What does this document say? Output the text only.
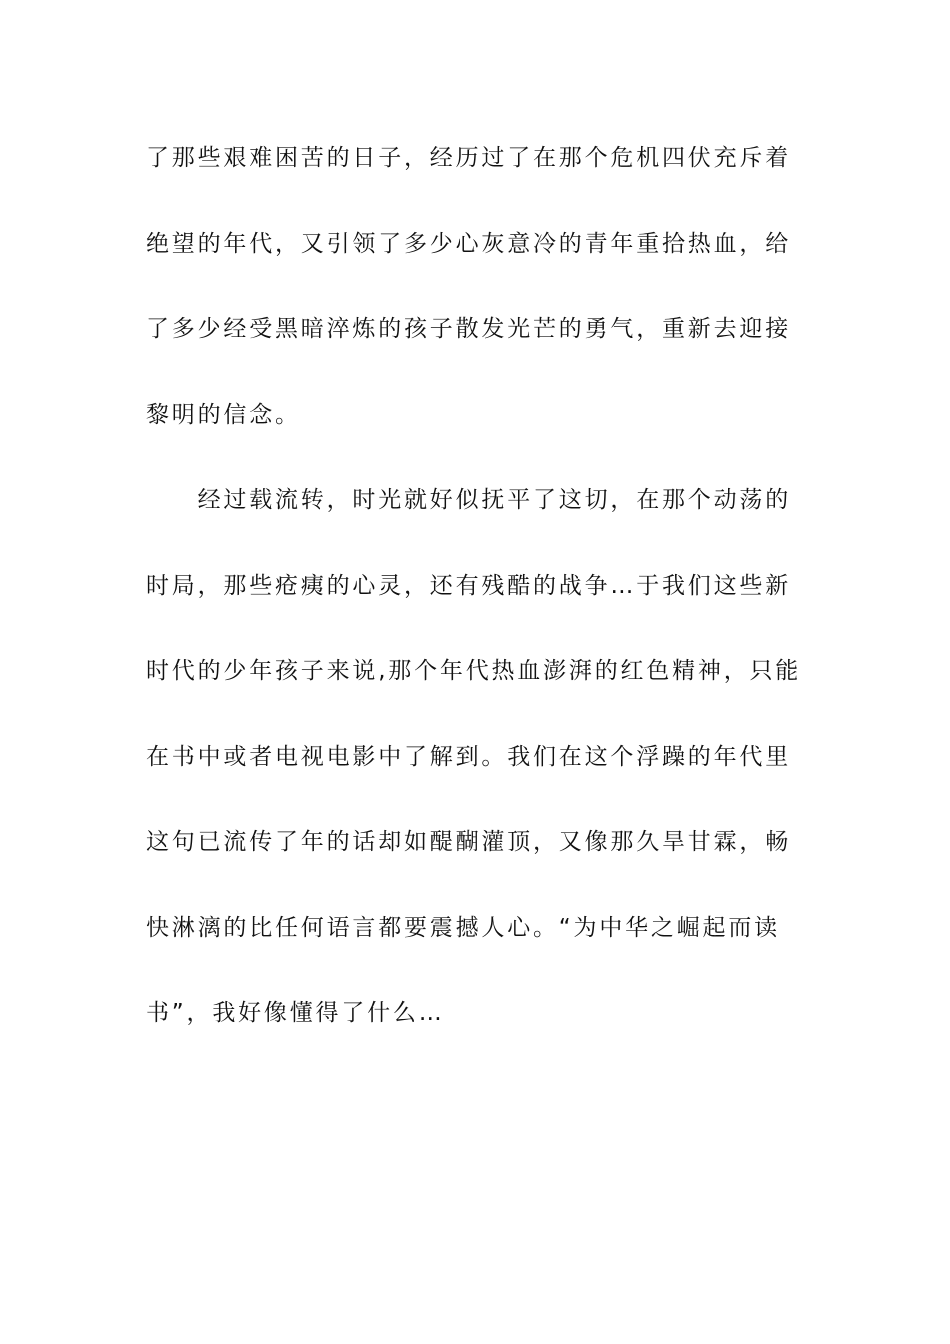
了那些艰难困苦的日子，经历过了在那个危机四伏充斥着
绝望的年代，又引领了多少心灰意冷的青年重拾热血，给
了多少经受黑暗淬炼的孩子散发光芒的勇气，重新去迎接
黎明的信念。
　　经过载流转，时光就好似抚平了这切，在那个动荡的
时局，那些疮痍的心灵，还有残酷的战争…于我们这些新
时代的少年孩子来说,那个年代热血澎湃的红色精神，只能
在书中或者电视电影中了解到。我们在这个浮躁的年代里
这句已流传了年的话却如醍醐灌顶，又像那久旱甘霖，畅
快淋漓的比任何语言都要震撼人心。“为中华之崛起而读
书”，我好像懂得了什么…
